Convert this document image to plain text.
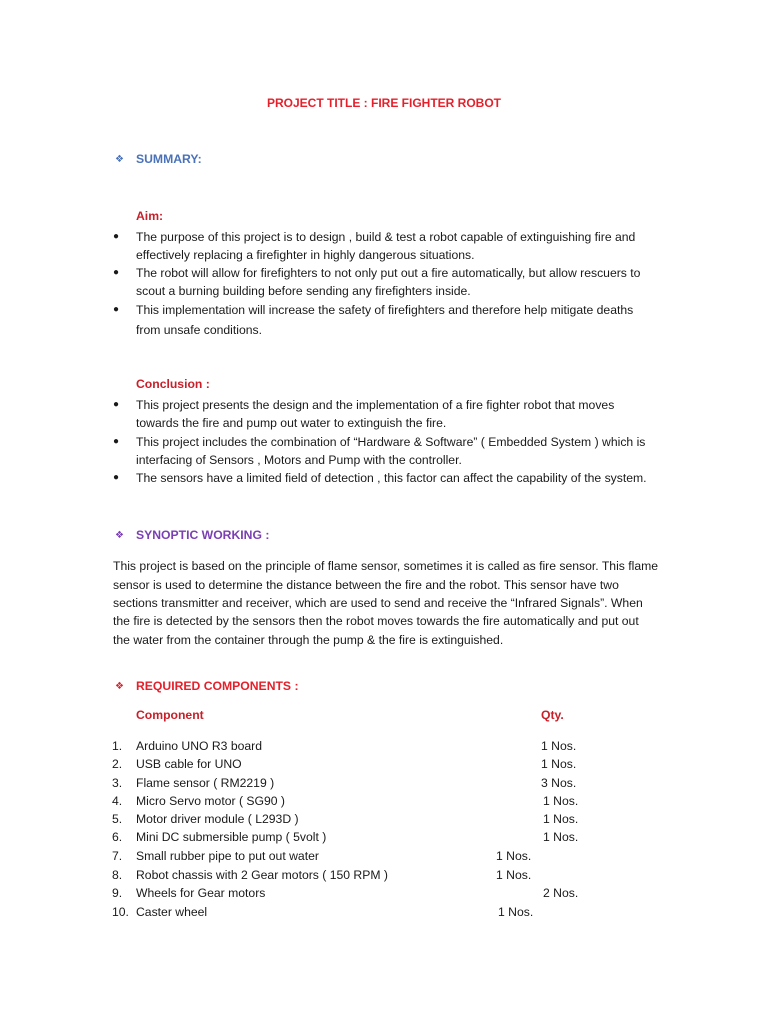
PROJECT TITLE : FIRE FIGHTER ROBOT
❖ SUMMARY:
Aim:
● The purpose of this project is to design , build & test a robot capable of extinguishing fire and
effectively replacing a firefighter in highly dangerous situations.
● The robot will allow for firefighters to not only put out a fire automatically, but allow rescuers to
scout a burning building before sending any firefighters inside.
● This implementation will increase the safety of firefighters and therefore help mitigate deaths
from unsafe conditions.
Conclusion :
● This project presents the design and the implementation of a fire fighter robot that moves
towards the fire and pump out water to extinguish the fire.
● This project includes the combination of “Hardware & Software” ( Embedded System ) which is
interfacing of Sensors , Motors and Pump with the controller.
● The sensors have a limited field of detection , this factor can affect the capability of the system.
❖ SYNOPTIC WORKING :
This project is based on the principle of flame sensor, sometimes it is called as fire sensor. This flame
sensor is used to determine the distance between the fire and the robot. This sensor have two
sections transmitter and receiver, which are used to send and receive the “Infrared Signals”. When
the fire is detected by the sensors then the robot moves towards the fire automatically and put out
the water from the container through the pump & the fire is extinguished.
❖ REQUIRED COMPONENTS :
Component	Qty.
1. Arduino UNO R3 board	1 Nos.
2. USB cable for UNO	1 Nos.
3. Flame sensor ( RM2219 )	3 Nos.
4. Micro Servo motor ( SG90 )	1 Nos.
5. Motor driver module ( L293D )	1 Nos.
6. Mini DC submersible pump ( 5volt )	1 Nos.
7. Small rubber pipe to put out water	1 Nos.
8. Robot chassis with 2 Gear motors ( 150 RPM )	1 Nos.
9. Wheels for Gear motors	2 Nos.
10. Caster wheel	1 Nos.
